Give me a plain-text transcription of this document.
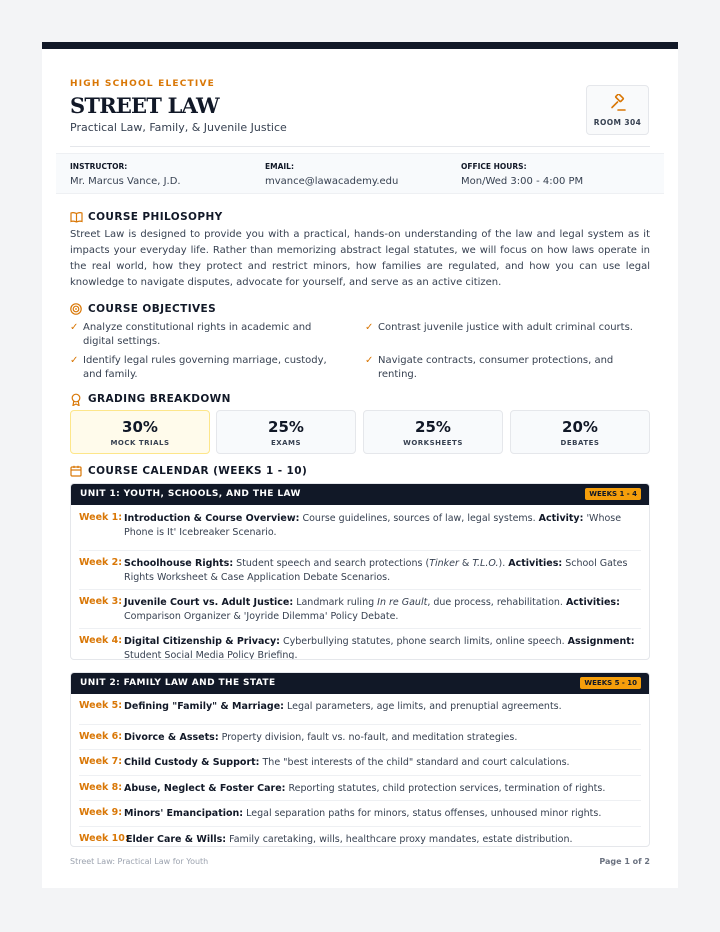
HIGH SCHOOL ELECTIVE
STREET LAW
Practical Law, Family, & Juvenile Justice	ROOM 304
INSTRUCTOR:
Mr. Marcus Vance, J.D.
EMAIL:
mvance@lawacademy.edu
OFFICE HOURS:
Mon/Wed 3:00 - 4:00 PM
COURSE PHILOSOPHY
Street Law is designed to provide you with a practical, hands-on understanding of the law and legal system as it impacts your everyday life. Rather than memorizing abstract legal statutes, we will focus on how laws operate in the real world, how they protect and restrict minors, how families are regulated, and how you can use legal knowledge to navigate disputes, advocate for yourself, and serve as an active citizen.
COURSE OBJECTIVES
✓ Analyze constitutional rights in academic and digital settings.
✓ Contrast juvenile justice with adult criminal courts.
✓ Identify legal rules governing marriage, custody, and family.
✓ Navigate contracts, consumer protections, and renting.
GRADING BREAKDOWN
30%
MOCK TRIALS
25%
EXAMS
25%
WORKSHEETS
20%
DEBATES
COURSE CALENDAR (WEEKS 1 - 10)
UNIT 1: YOUTH, SCHOOLS, AND THE LAW	WEEKS 1 - 4
Week 1: Introduction & Course Overview: Course guidelines, sources of law, legal systems. Activity: 'Whose Phone is It' Icebreaker Scenario.
Week 2: Schoolhouse Rights: Student speech and search protections (Tinker & T.L.O.). Activities: School Gates Rights Worksheet & Case Application Debate Scenarios.
Week 3: Juvenile Court vs. Adult Justice: Landmark ruling In re Gault, due process, rehabilitation. Activities: Comparison Organizer & 'Joyride Dilemma' Policy Debate.
Week 4: Digital Citizenship & Privacy: Cyberbullying statutes, phone search limits, online speech. Assignment: Student Social Media Policy Briefing.
UNIT 2: FAMILY LAW AND THE STATE	WEEKS 5 - 10
Week 5: Defining "Family" & Marriage: Legal parameters, age limits, and prenuptial agreements.
Week 6: Divorce & Assets: Property division, fault vs. no-fault, and meditation strategies.
Week 7: Child Custody & Support: The "best interests of the child" standard and court calculations.
Week 8: Abuse, Neglect & Foster Care: Reporting statutes, child protection services, termination of rights.
Week 9: Minors' Emancipation: Legal separation paths for minors, status offenses, unhoused minor rights.
Week 10:
Elder Care & Wills: Family caretaking, wills, healthcare proxy mandates, estate distribution.
Street Law: Practical Law for Youth	Page 1 of 2
